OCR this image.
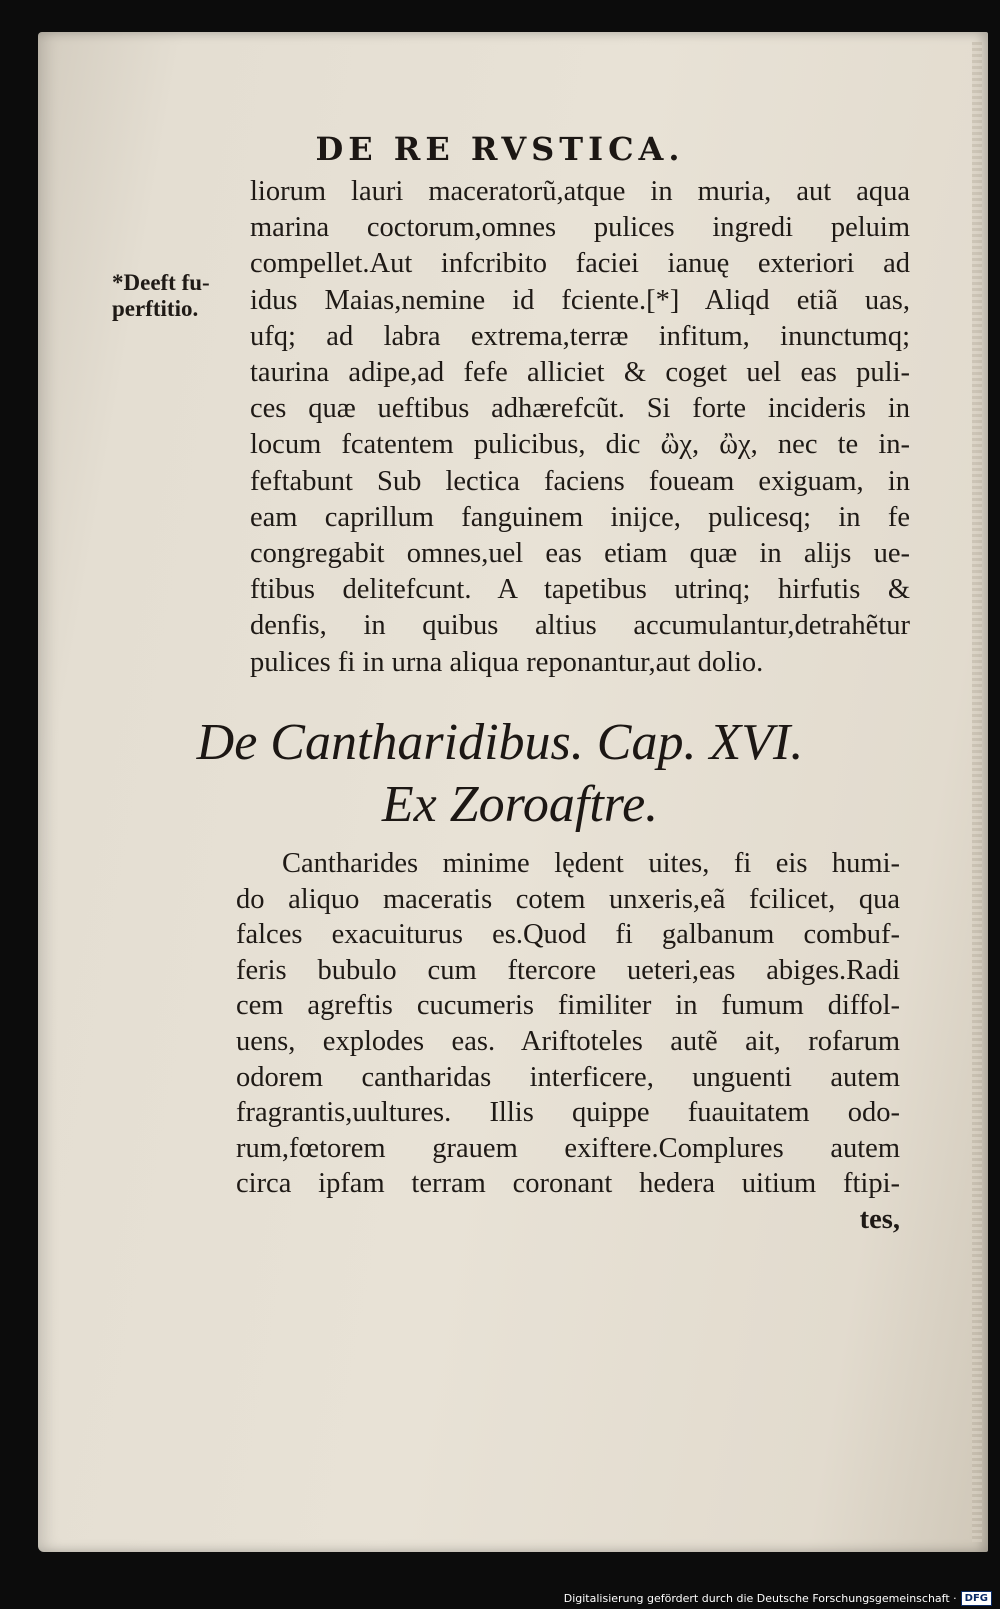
DE RE RVSTICA.
*Deeft fu-
perftitio.
liorum lauri maceratorũ,atque in muria, aut aqua
marina coctorum,omnes pulices ingredi peluim
compellet.Aut infcribito faciei ianuę exteriori ad
idus Maias,nemine id fciente.[*] Aliqd etiã uas,
ufq; ad labra extrema,terræ infitum, inunctumq;
taurina adipe,ad fefe alliciet & coget uel eas puli-
ces quæ ueftibus adhærefcũt. Si forte incideris in
locum fcatentem pulicibus, dic ὢχ, ὢχ, nec te in-
feftabunt Sub lectica faciens foueam exiguam, in
eam caprillum fanguinem inijce, pulicesq; in fe
congregabit omnes,uel eas etiam quæ in alijs ue-
ftibus delitefcunt. A tapetibus utrinq; hirfutis &
denfis, in quibus altius accumulantur,detrahẽtur
pulices fi in urna aliqua reponantur,aut dolio.
De Cantharidibus. Cap. XVI.
Ex Zoroaftre.
Cantharides minime lędent uites, fi eis humi-
do aliquo maceratis cotem unxeris,eã fcilicet, qua
falces exacuiturus es.Quod fi galbanum combuf-
feris bubulo cum ftercore ueteri,eas abiges.Radi
cem agreftis cucumeris fimiliter in fumum diffol-
uens, explodes eas. Ariftoteles autẽ ait, rofarum
odorem cantharidas interficere, unguenti autem
fragrantis,uultures. Illis quippe fuauitatem odo-
rum,fœtorem grauem exiftere.Complures autem
circa ipfam terram coronant hedera uitium ftipi-
tes,
Digitalisierung gefördert durch die Deutsche Forschungsgemeinschaft · DFG
